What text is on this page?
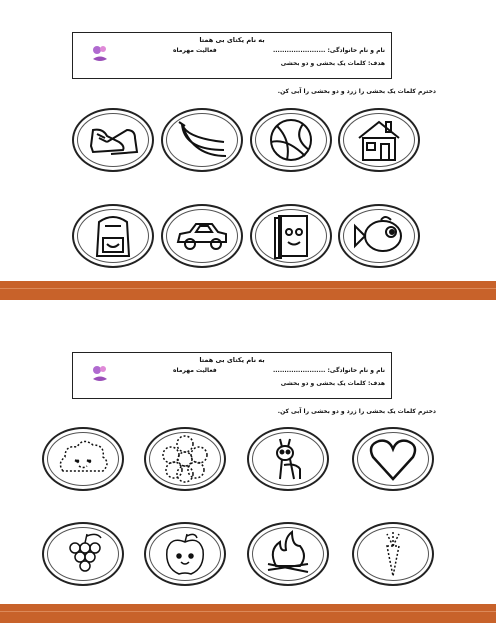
به نام یکتای بی همتا
نام و نام خانوادگی: .......................
فعالیت مهرماه
هدف: کلمات یک بخشی و دو بخشی
دخترم کلمات یک بخشی را زرد و دو بخشی را آبی کن.
به نام یکتای بی همتا
نام و نام خانوادگی: .......................
فعالیت مهرماه
هدف: کلمات یک بخشی و دو بخشی
دخترم کلمات یک بخشی را زرد و دو بخشی را آبی کن.
